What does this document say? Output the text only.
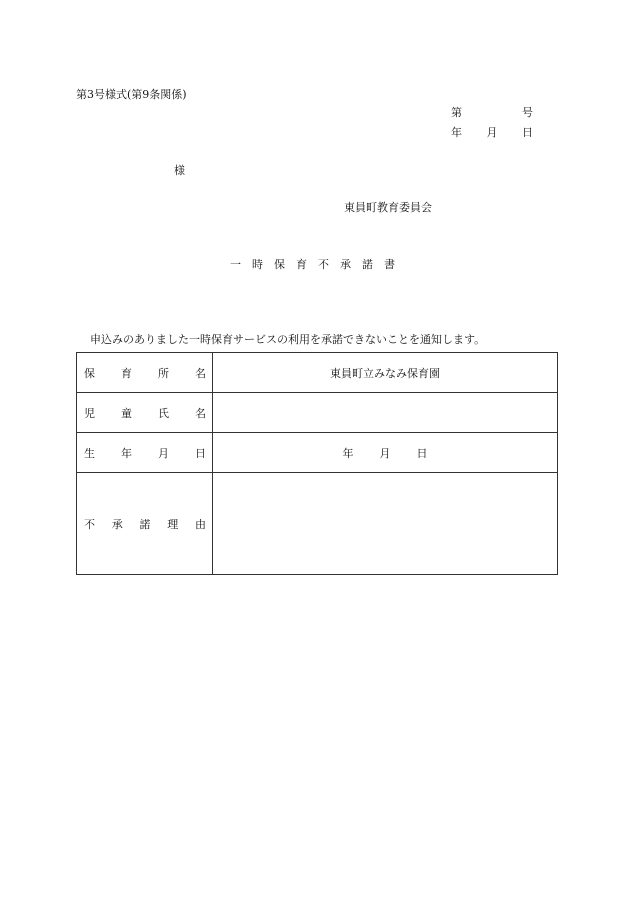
第3号様式(第9条関係)
第	号
年 月 日
様
東員町教育委員会
一 時 保 育 不 承 諾 書
申込みのありました一時保育サービスの利用を承諾できないことを通知します。
保 育 所 名	東員町立みなみ保育園

児 童 氏 名	

生 年 月 日	年 月 日

不 承 諾 理 由	
